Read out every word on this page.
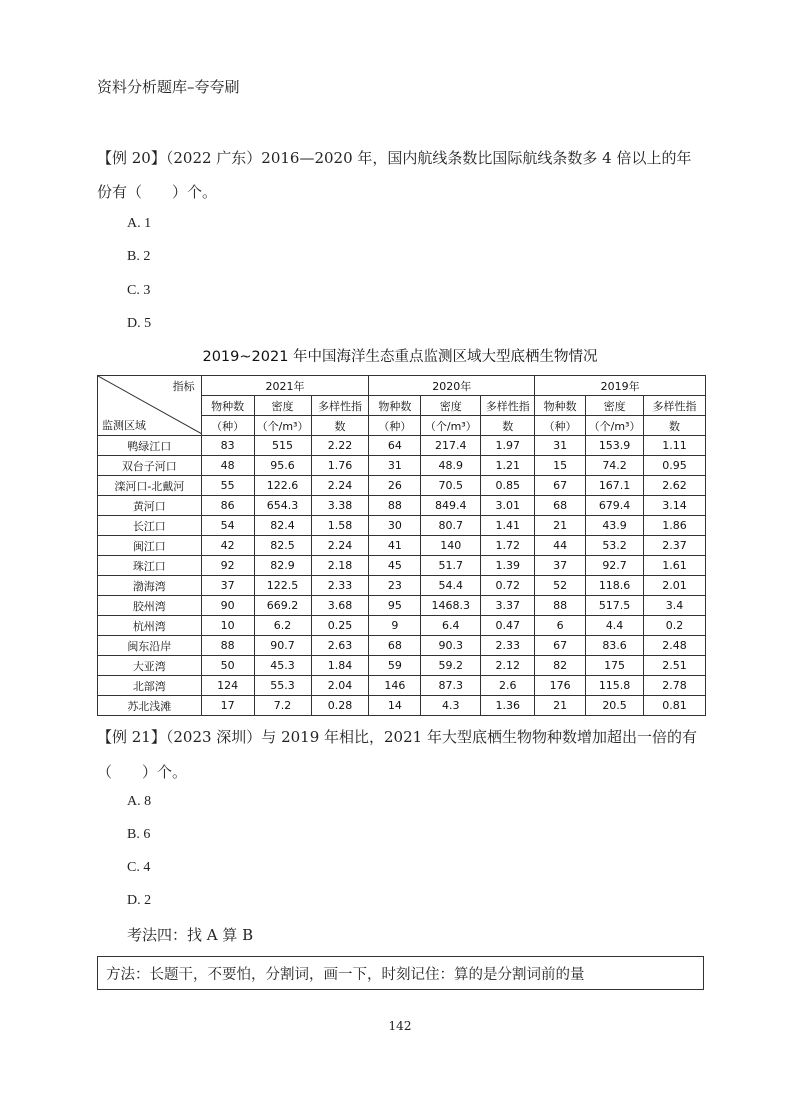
资料分析题库–夸夸刷
【例 20】（2022 广东）2016—2020 年，国内航线条数比国际航线条数多 4 倍以上的年
份有（　　）个。
A. 1
B. 2
C. 3
D. 5
2019~2021 年中国海洋生态重点监测区域大型底栖生物情况
指标
监测区域	2021年			2020年			2019年		
	物种数	密度	多样性指	物种数	密度	多样性指	物种数	密度	多样性指
	（种）	（个/m³）	数	（种）	（个/m³）	数	（种）	（个/m³）	数
鸭绿江口	83	515	2.22	64	217.4	1.97	31	153.9	1.11
双台子河口	48	95.6	1.76	31	48.9	1.21	15	74.2	0.95
滦河口-北戴河	55	122.6	2.24	26	70.5	0.85	67	167.1	2.62
黄河口	86	654.3	3.38	88	849.4	3.01	68	679.4	3.14
长江口	54	82.4	1.58	30	80.7	1.41	21	43.9	1.86
闽江口	42	82.5	2.24	41	140	1.72	44	53.2	2.37
珠江口	92	82.9	2.18	45	51.7	1.39	37	92.7	1.61
渤海湾	37	122.5	2.33	23	54.4	0.72	52	118.6	2.01
胶州湾	90	669.2	3.68	95	1468.3	3.37	88	517.5	3.4
杭州湾	10	6.2	0.25	9	6.4	0.47	6	4.4	0.2
闽东沿岸	88	90.7	2.63	68	90.3	2.33	67	83.6	2.48
大亚湾	50	45.3	1.84	59	59.2	2.12	82	175	2.51
北部湾	124	55.3	2.04	146	87.3	2.6	176	115.8	2.78
苏北浅滩	17	7.2	0.28	14	4.3	1.36	21	20.5	0.81
【例 21】（2023 深圳）与 2019 年相比，2021 年大型底栖生物物种数增加超出一倍的有
（　　）个。
A. 8
B. 6
C. 4
D. 2
考法四：找 A 算 B
方法：长题干，不要怕，分割词，画一下，时刻记住：算的是分割词前的量
142
